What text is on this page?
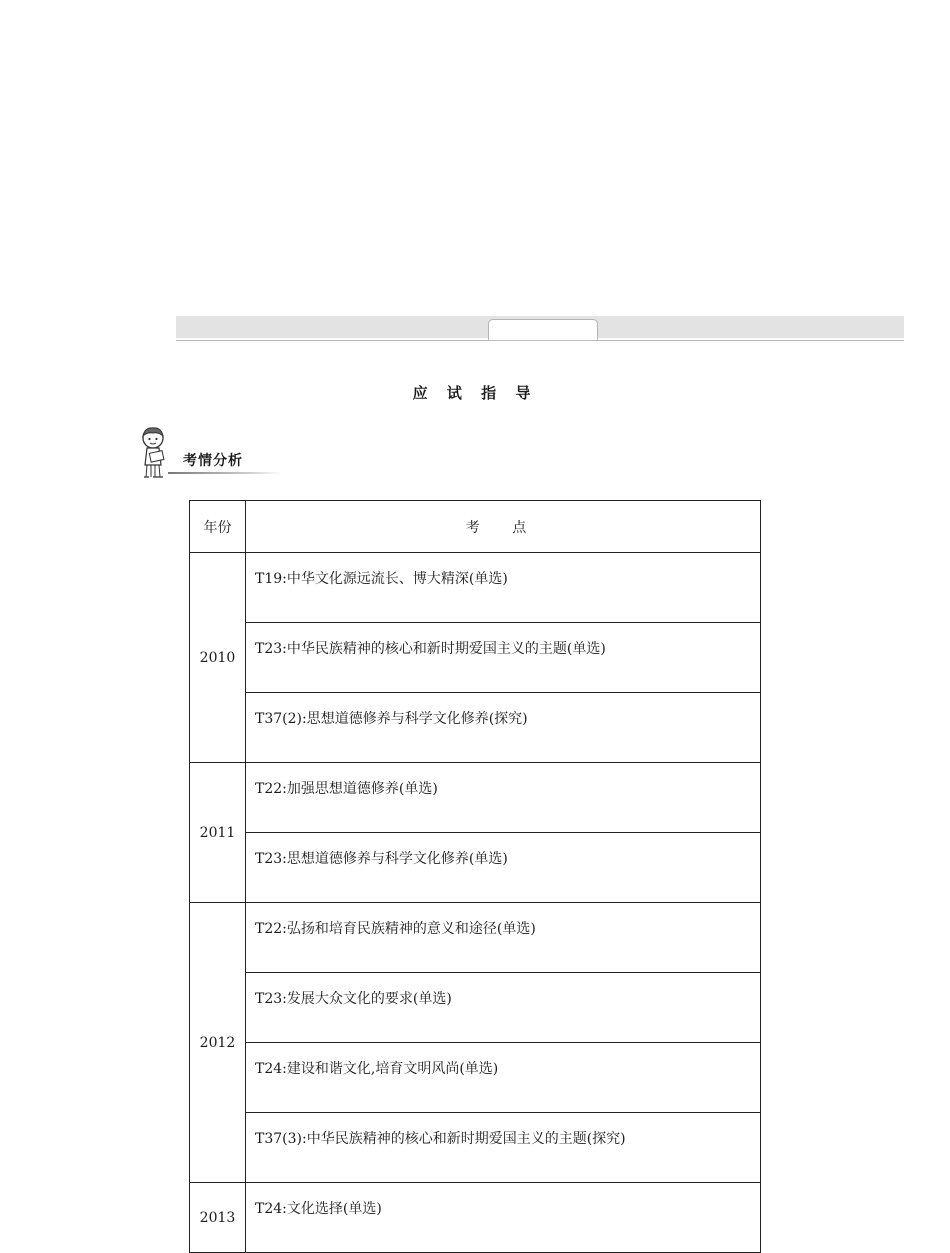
应 试 指 导
考情分析
年份	考 点
2010	T19:中华文化源远流长、博大精深(单选)
	T23:中华民族精神的核心和新时期爱国主义的主题(单选)
	T37(2):思想道德修养与科学文化修养(探究)
2011	T22:加强思想道德修养(单选)
	T23:思想道德修养与科学文化修养(单选)
2012	T22:弘扬和培育民族精神的意义和途径(单选)
	T23:发展大众文化的要求(单选)
	T24:建设和谐文化,培育文明风尚(单选)
	T37(3):中华民族精神的核心和新时期爱国主义的主题(探究)
2013	T24:文化选择(单选)
